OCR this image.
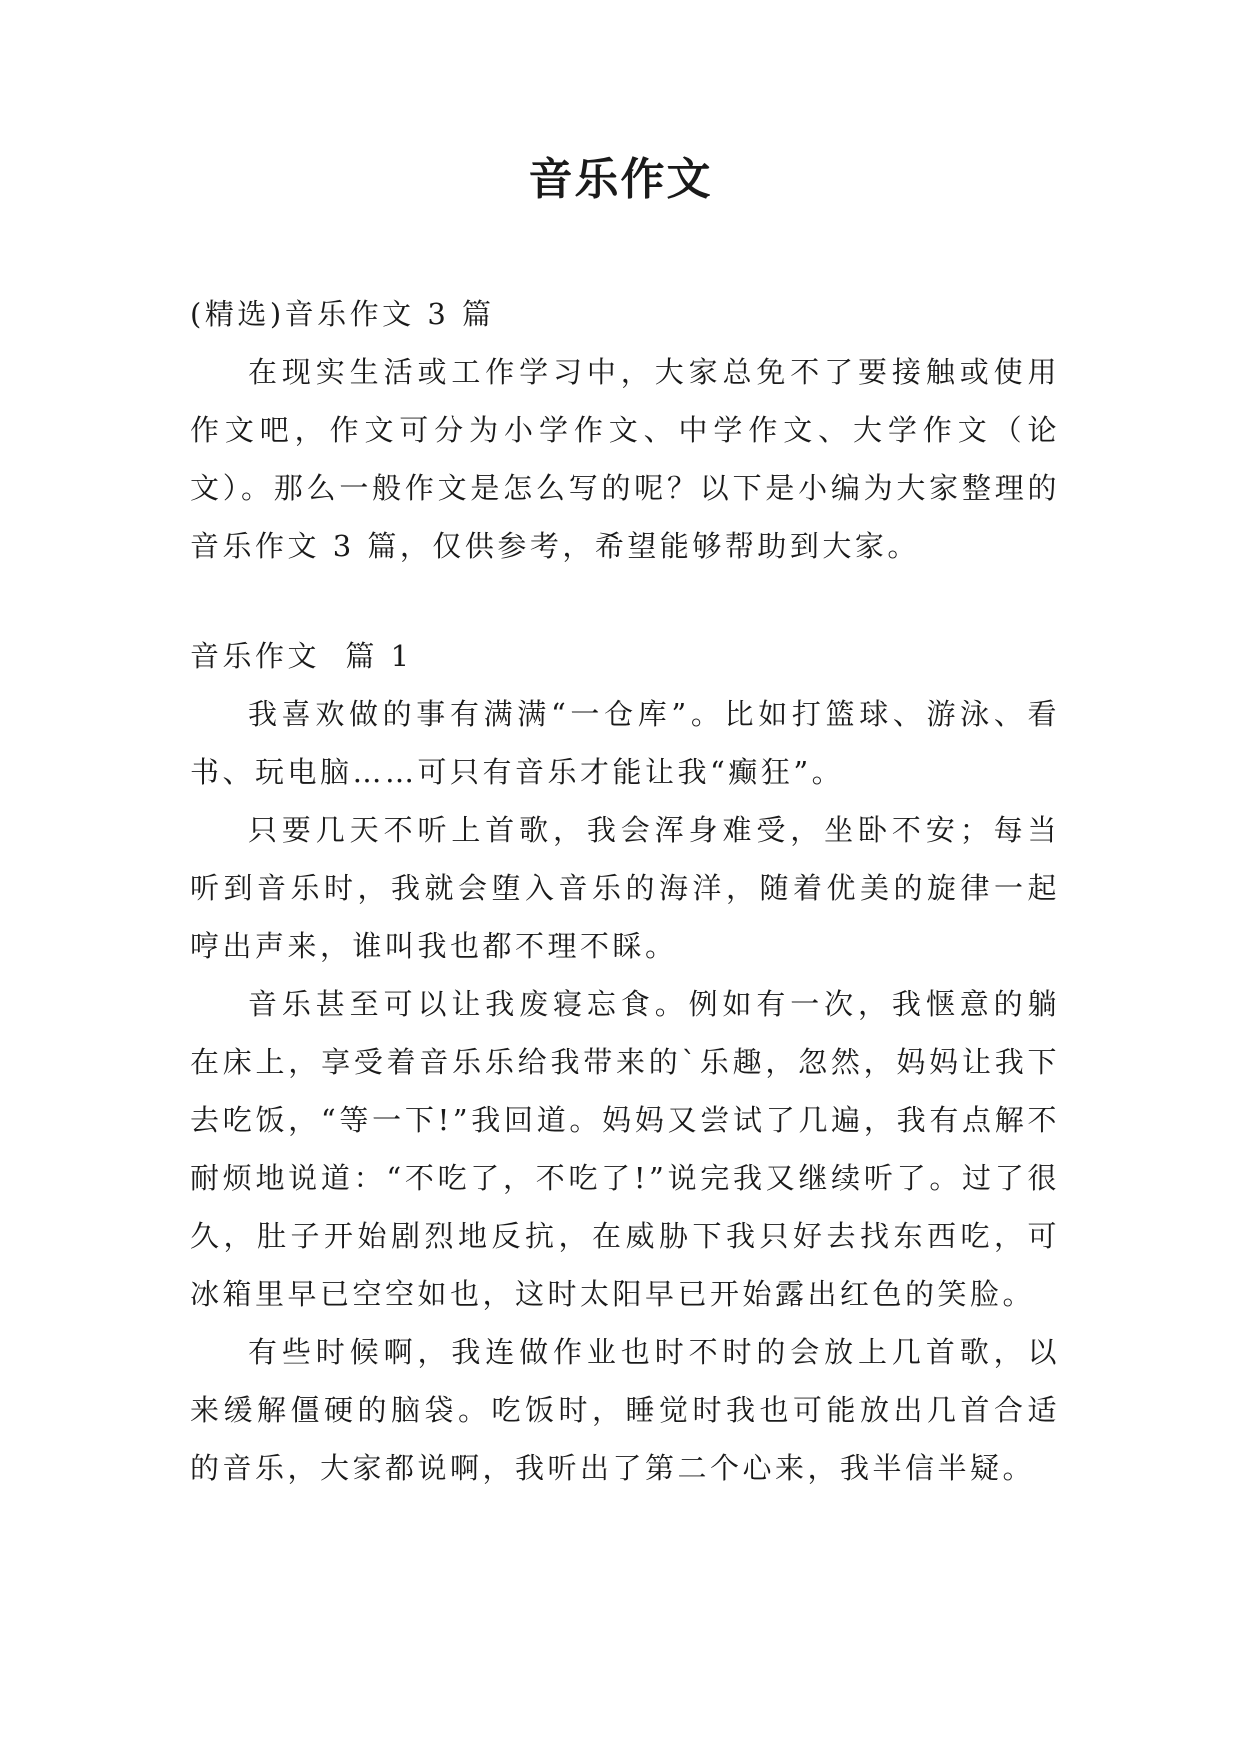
音乐作文

(精选)音乐作文 3 篇

在现实生活或工作学习中，大家总免不了要接触或使用作文吧，作文可分为小学作文、中学作文、大学作文（论文）。那么一般作文是怎么写的呢？以下是小编为大家整理的音乐作文 3 篇，仅供参考，希望能够帮助到大家。

音乐作文  篇 1

我喜欢做的事有满满“一仓库”。比如打篮球、游泳、看书、玩电脑……可只有音乐才能让我“癫狂”。

只要几天不听上首歌，我会浑身难受，坐卧不安；每当听到音乐时，我就会堕入音乐的海洋，随着优美的旋律一起哼出声来，谁叫我也都不理不睬。

音乐甚至可以让我废寝忘食。例如有一次，我惬意的躺在床上，享受着音乐乐给我带来的`乐趣，忽然，妈妈让我下去吃饭，“等一下!”我回道。妈妈又尝试了几遍，我有点解不耐烦地说道：“不吃了，不吃了!”说完我又继续听了。过了很久，肚子开始剧烈地反抗，在威胁下我只好去找东西吃，可冰箱里早已空空如也，这时太阳早已开始露出红色的笑脸。

有些时候啊，我连做作业也时不时的会放上几首歌，以来缓解僵硬的脑袋。吃饭时，睡觉时我也可能放出几首合适的音乐，大家都说啊，我听出了第二个心来，我半信半疑。
